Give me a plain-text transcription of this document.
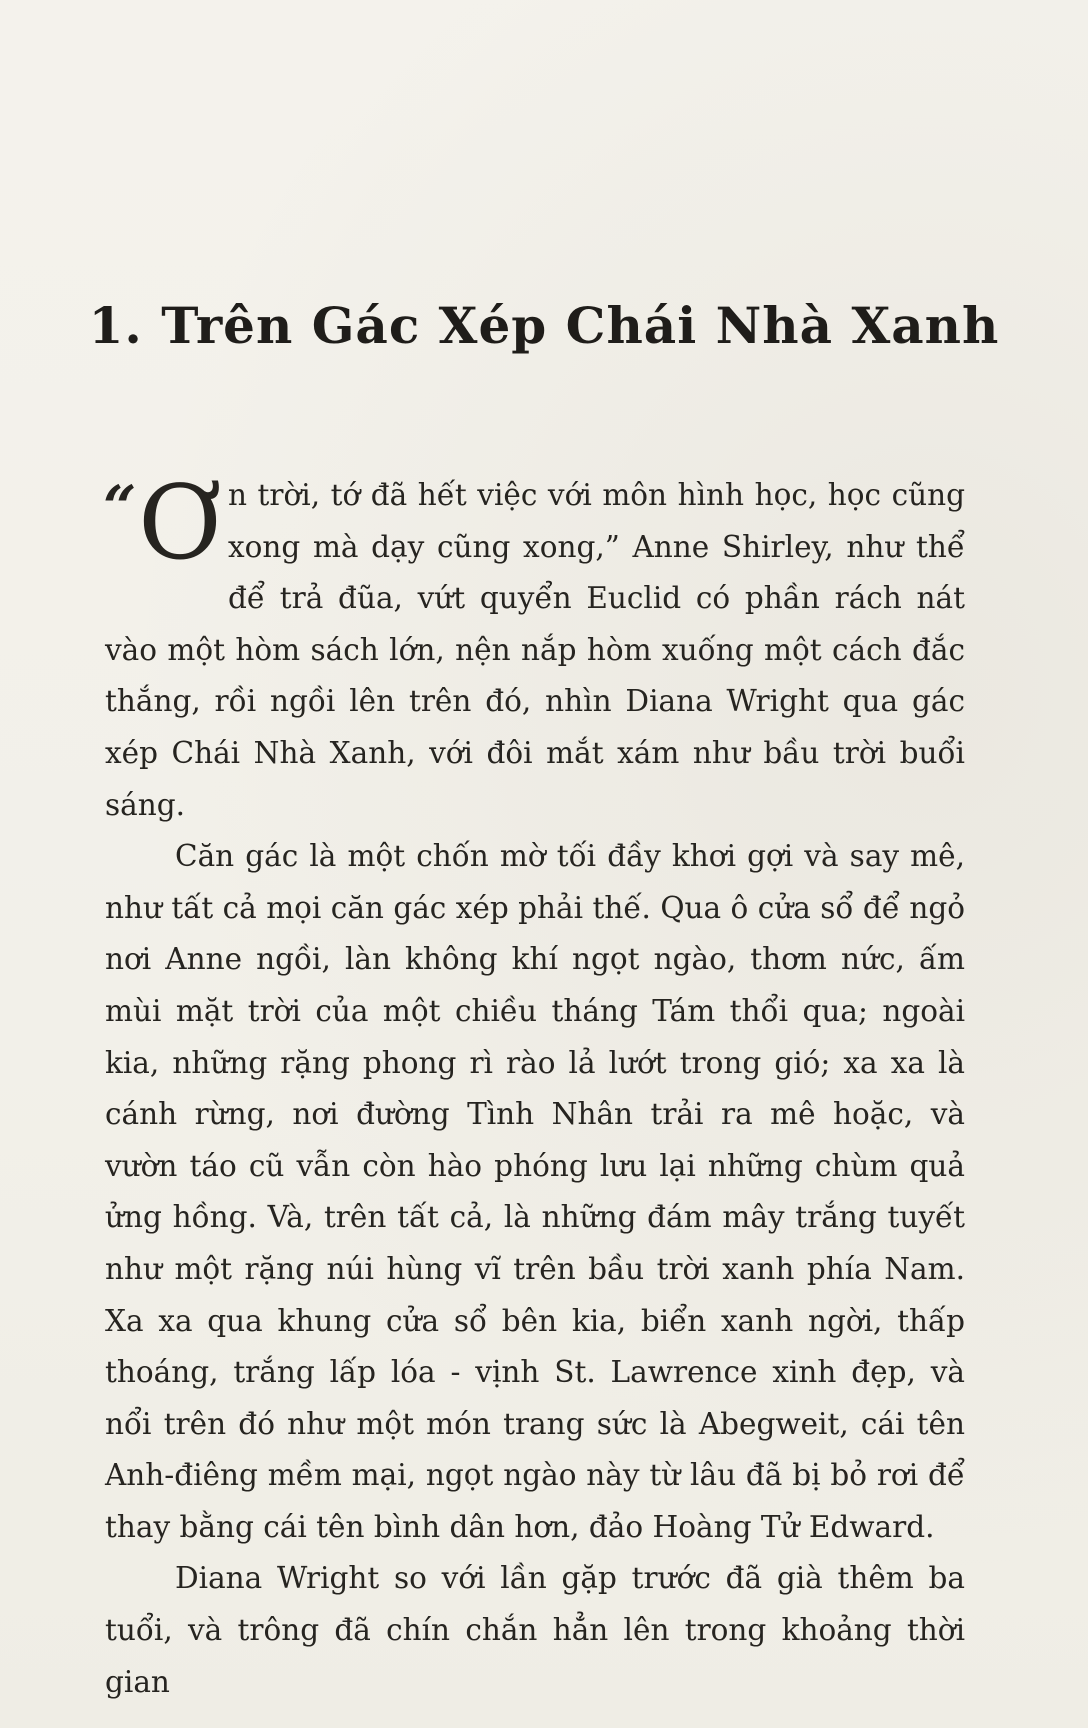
1. Trên Gác Xép Chái Nhà Xanh

“ Ơ n trời, tớ đã hết việc với môn hình học, học cũng xong mà dạy cũng xong,” Anne Shirley, như thể để trả đũa, vứt quyển Euclid có phần rách nát vào một hòm sách lớn, nện nắp hòm xuống một cách đắc thắng, rồi ngồi lên trên đó, nhìn Diana Wright qua gác xép Chái Nhà Xanh, với đôi mắt xám như bầu trời buổi sáng.

Căn gác là một chốn mờ tối đầy khơi gợi và say mê, như tất cả mọi căn gác xép phải thế. Qua ô cửa sổ để ngỏ nơi Anne ngồi, làn không khí ngọt ngào, thơm nức, ấm mùi mặt trời của một chiều tháng Tám thổi qua; ngoài kia, những rặng phong rì rào lả lướt trong gió; xa xa là cánh rừng, nơi đường Tình Nhân trải ra mê hoặc, và vườn táo cũ vẫn còn hào phóng lưu lại những chùm quả ửng hồng. Và, trên tất cả, là những đám mây trắng tuyết như một rặng núi hùng vĩ trên bầu trời xanh phía Nam. Xa xa qua khung cửa sổ bên kia, biển xanh ngời, thấp thoáng, trắng lấp lóa - vịnh St. Lawrence xinh đẹp, và nổi trên đó như một món trang sức là Abegweit, cái tên Anh-điêng mềm mại, ngọt ngào này từ lâu đã bị bỏ rơi để thay bằng cái tên bình dân hơn, đảo Hoàng Tử Edward.

Diana Wright so với lần gặp trước đã già thêm ba tuổi, và trông đã chín chắn hẳn lên trong khoảng thời gian
